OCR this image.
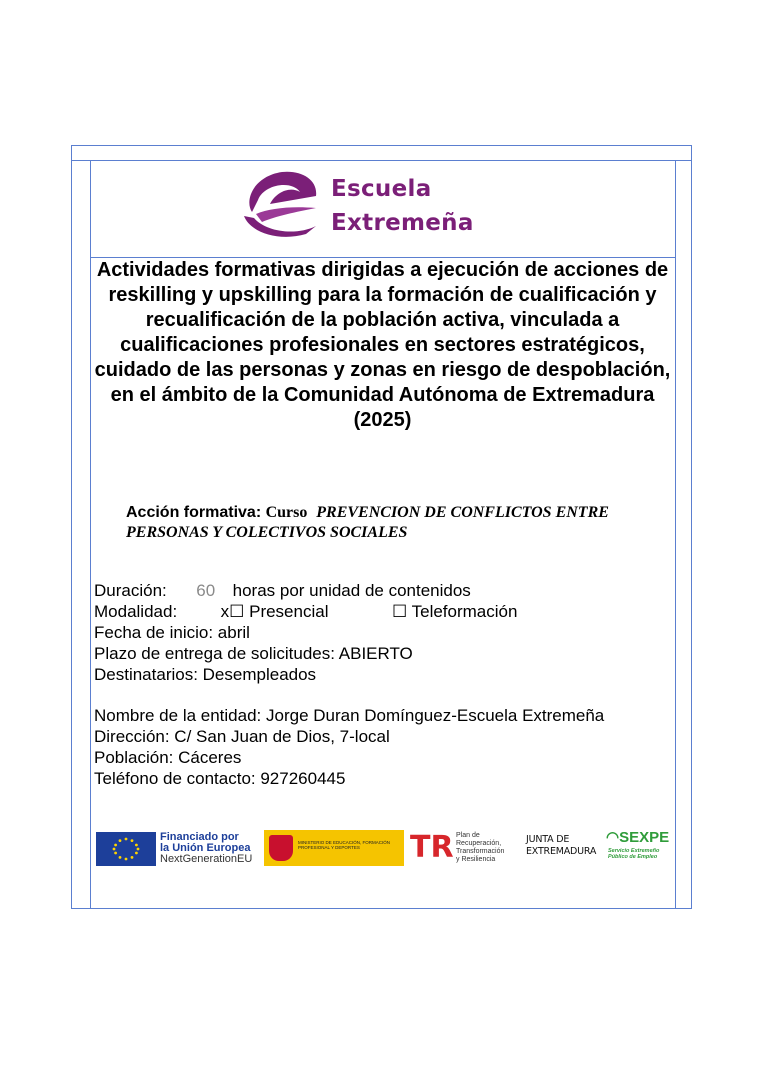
Escuela
Extremeña
Actividades formativas dirigidas a ejecución de acciones de reskilling y upskilling para la formación de cualificación y recualificación de la población activa, vinculada a cualificaciones profesionales en sectores estratégicos, cuidado de las personas y zonas en riesgo de despoblación, en el ámbito de la Comunidad Autónoma de Extremadura (2025)
Acción formativa: Curso PREVENCION DE CONFLICTOS ENTRE PERSONAS Y COLECTIVOS SOCIALES
Duración: 60 horas por unidad de contenidos
Modalidad:	x☐ Presencial	☐ Teleformación
Fecha de inicio: abril
Plazo de entrega de solicitudes: ABIERTO
Destinatarios: Desempleados
Nombre de la entidad: Jorge Duran Domínguez-Escuela Extremeña
Dirección: C/ San Juan de Dios, 7-local
Población: Cáceres
Teléfono de contacto: 927260445
Financiado por
la Unión Europea
NextGenerationEU
MINISTERIO DE EDUCACIÓN, FORMACIÓN PROFESIONAL Y DEPORTES	TR Plan de
Recuperación,
Transformación
y Resiliencia
JUNTA DE
EXTREMADURA
◠SEXPE
Servicio Extremeño
Público de Empleo
